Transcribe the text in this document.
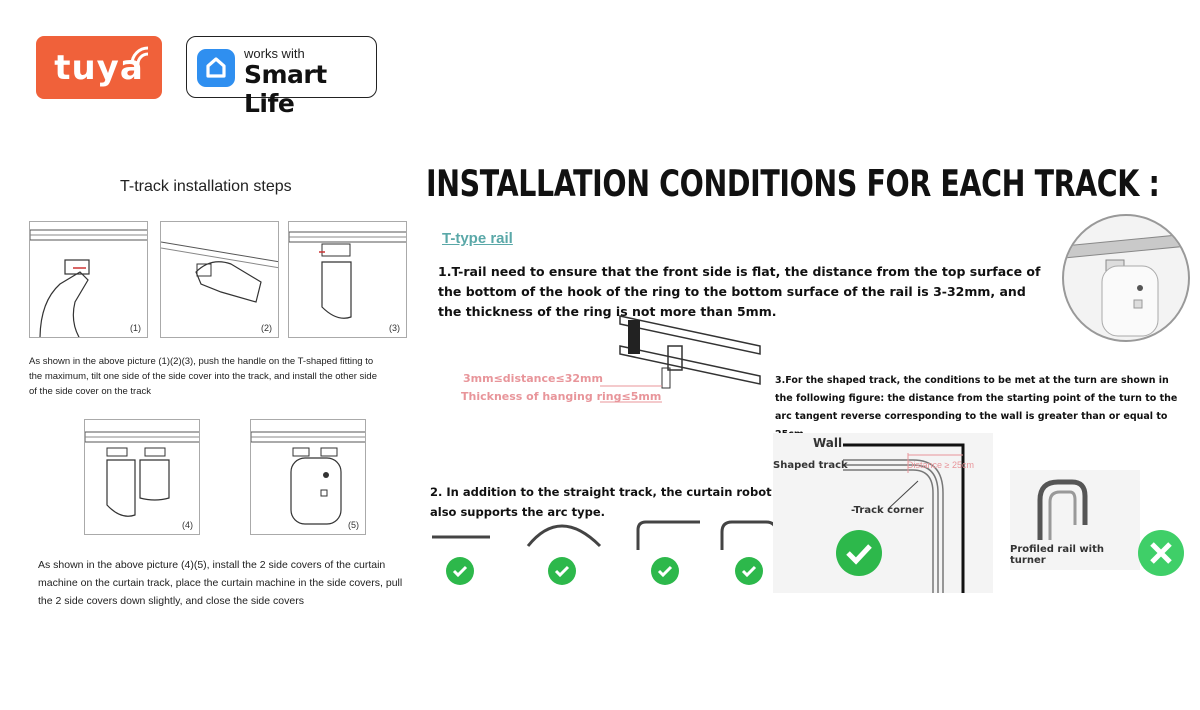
tuya	works with
Smart Life
T-track installation steps
(1)	(2)	(3)
As shown in the above picture (1)(2)(3), push the handle on the T-shaped fitting to the maximum, tilt one side of the side cover into the track, and install the other side of the side cover on the track
(4)	(5)
As shown in the above picture (4)(5), install the 2 side covers of the curtain machine on the curtain track, place the curtain machine in the side covers, pull the 2 side covers down slightly, and close the side covers
INSTALLATION CONDITIONS FOR EACH TRACK :
T-type rail
1.T-rail need to ensure that the front side is flat, the distance from the top surface of the bottom of the hook of the ring to the bottom surface of the rail is 3-32mm, and the thickness of the ring is not more than 5mm.
3mm≤distance≤32mm
Thickness of hanging ring≤5mm
3.For the shaped track, the conditions to be met at the turn are shown in the following figure: the distance from the starting point of the turn to the arc tangent reverse corresponding to the wall is greater than or equal to
2. In addition to the straight track, the curtain robot also supports the arc type.
Wall
Shaped track	Distance ≥ 25cm
-Track corner
Profiled rail with turner
